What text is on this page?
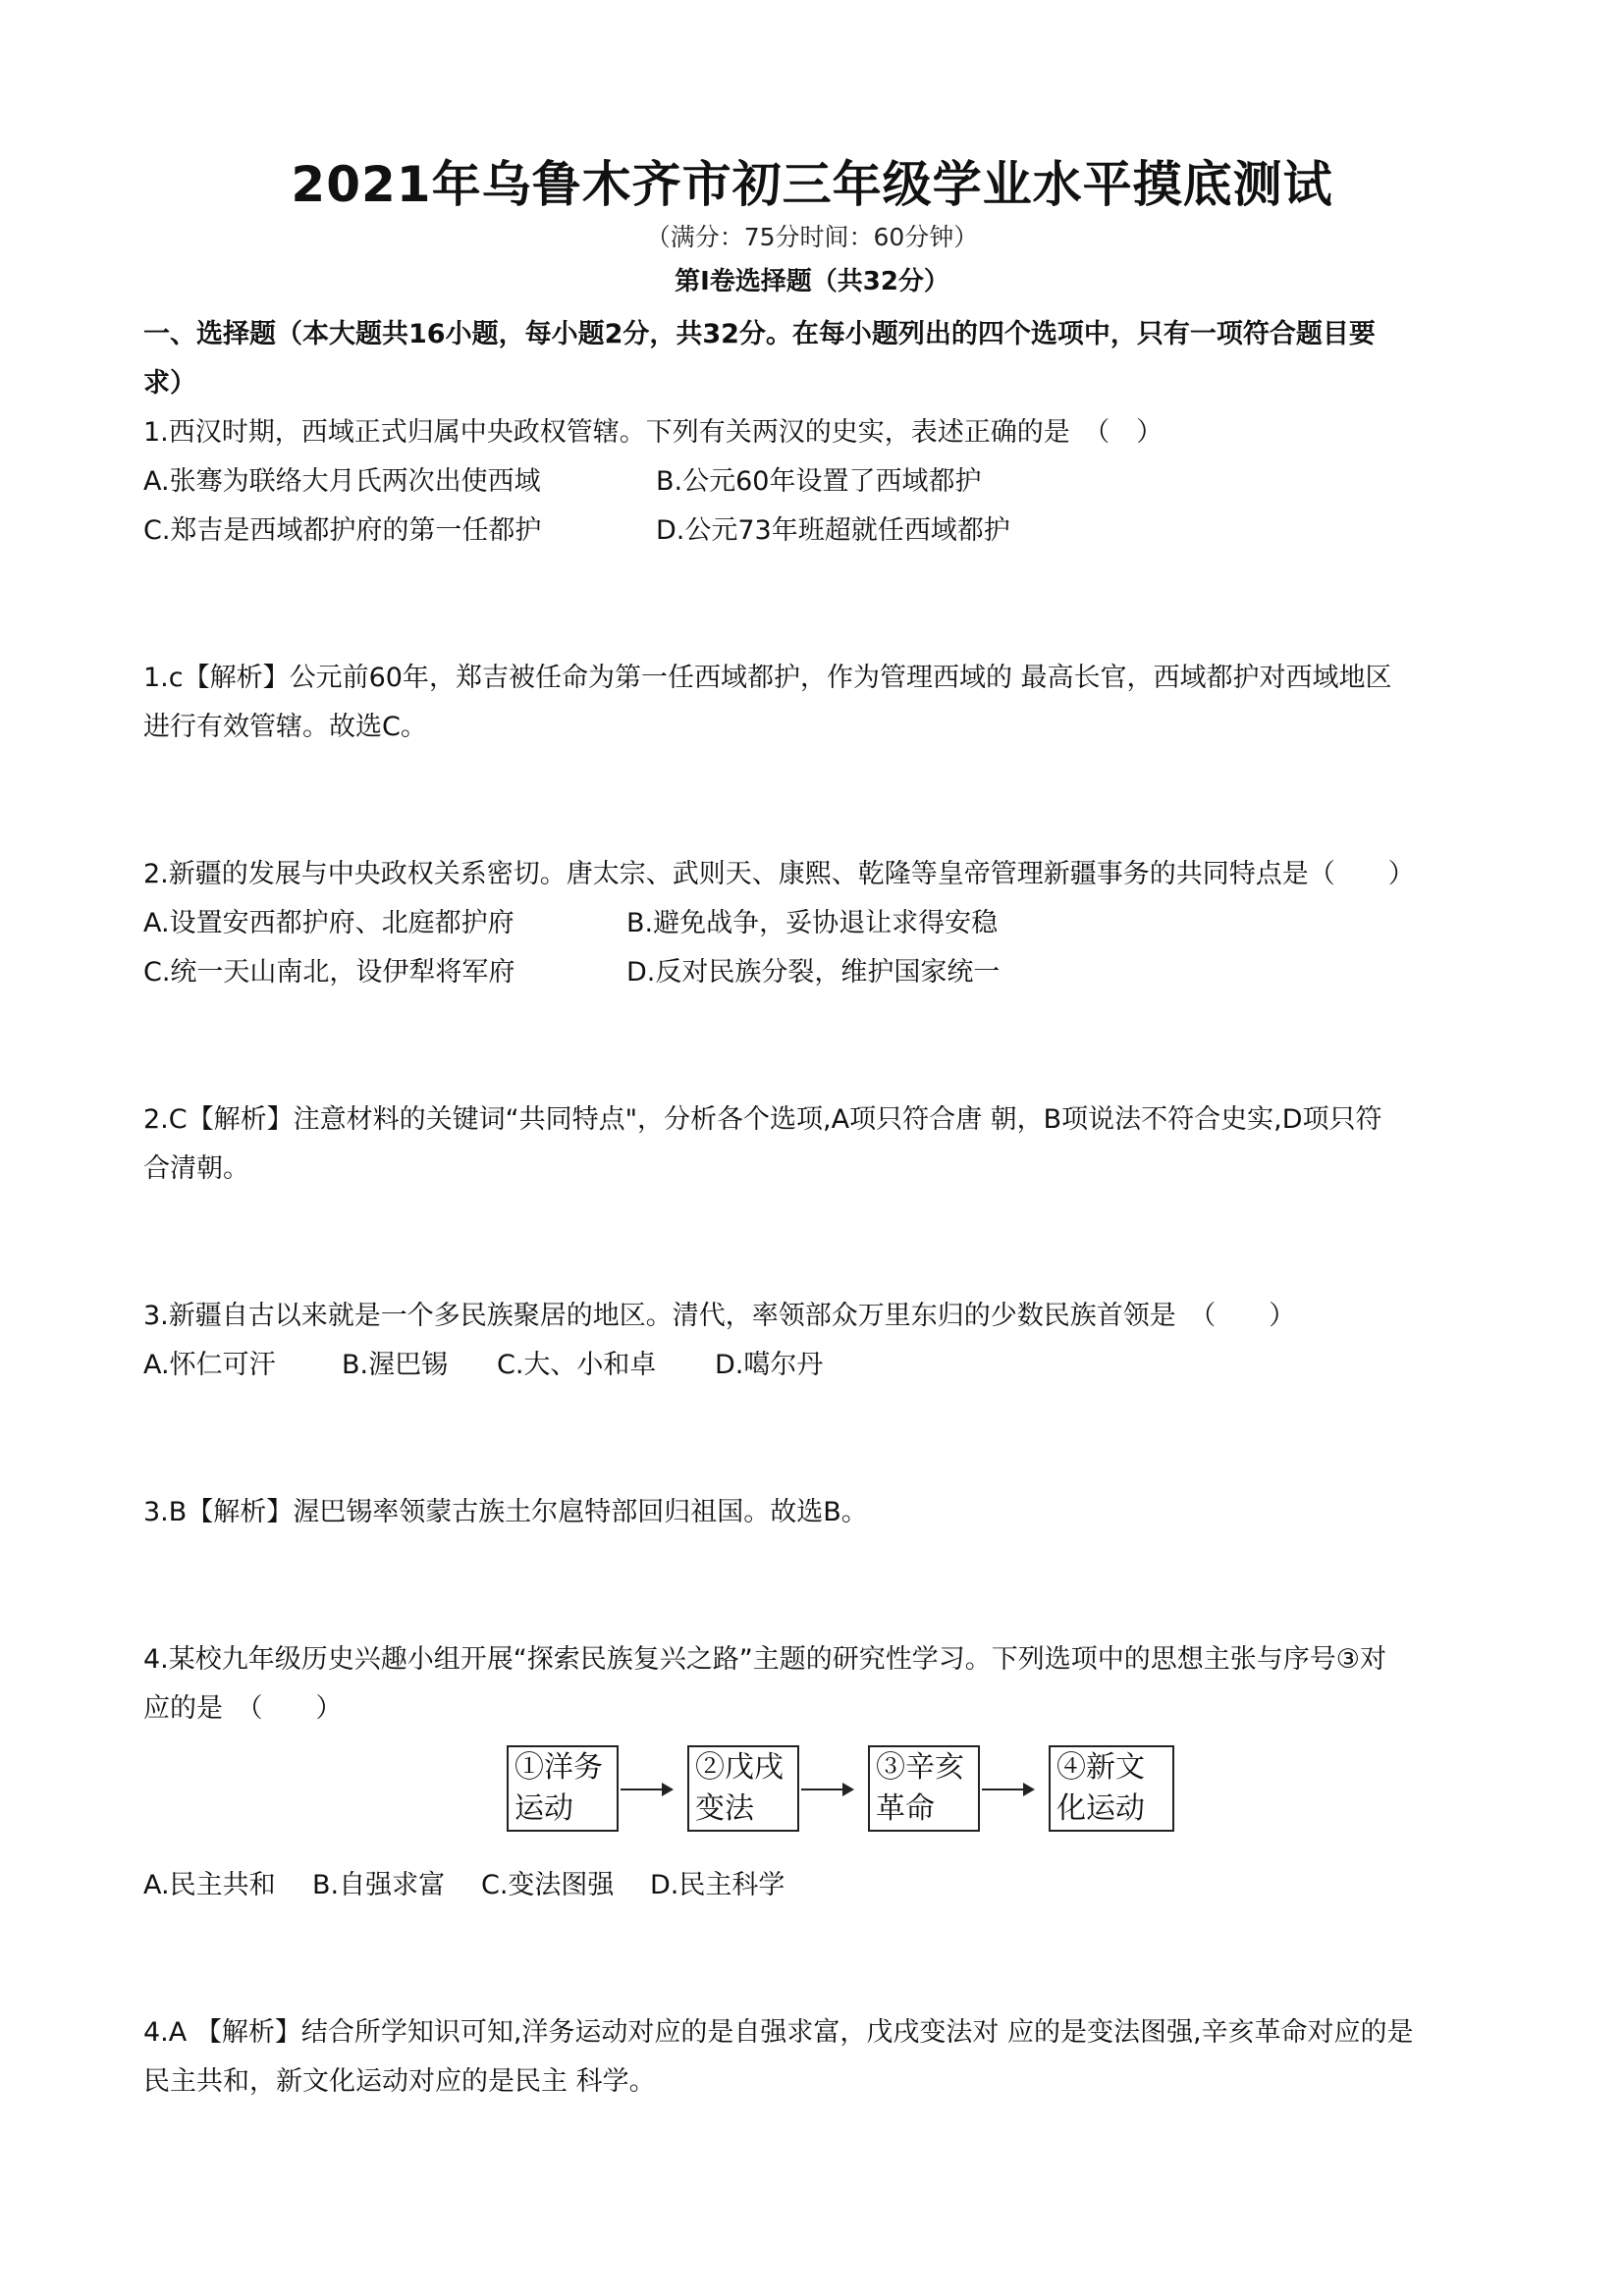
2021年乌鲁木齐市初三年级学业水平摸底测试
（满分：75分时间：60分钟）
第I卷选择题（共32分）
一、选择题（本大题共16小题，每小题2分，共32分。在每小题列出的四个选项中，只有一项符合题目要
求）
1.西汉时期，西域正式归属中央政权管辖。下列有关两汉的史实，表述正确的是　（　）
A.张骞为联络大月氏两次出使西域	B.公元60年设置了西域都护
C.郑吉是西域都护府的第一任都护	D.公元73年班超就任西域都护
1.c【解析】公元前60年，郑吉被任命为第一任西域都护，作为管理西域的 最高长官，西域都护对西域地区
进行有效管辖。故选C。
2.新疆的发展与中央政权关系密切。唐太宗、武则天、康熙、乾隆等皇帝管理新疆事务的共同特点是（　　）
A.设置安西都护府、北庭都护府	B.避免战争，妥协退让求得安稳
C.统一天山南北，设伊犁将军府	D.反对民族分裂，维护国家统一
2.C【解析】注意材料的关键词“共同特点"，分析各个选项,A项只符合唐 朝，B项说法不符合史实,D项只符
合清朝。
3.新疆自古以来就是一个多民族聚居的地区。清代，率领部众万里东归的少数民族首领是　（　　）
A.怀仁可汗 B.渥巴锡 C.大、小和卓 D.噶尔丹
3.B【解析】渥巴锡率领蒙古族土尔扈特部回归祖国。故选B。
4.某校九年级历史兴趣小组开展“探索民族复兴之路”主题的研究性学习。下列选项中的思想主张与序号③对
应的是　（　　）
①洋务
运动
②戊戌
变法
③辛亥
革命
④新文
化运动
A.民主共和 B.自强求富 C.变法图强 D.民主科学
4.A 【解析】结合所学知识可知,洋务运动对应的是自强求富，戊戌变法对 应的是变法图强,辛亥革命对应的是
民主共和，新文化运动对应的是民主 科学。
